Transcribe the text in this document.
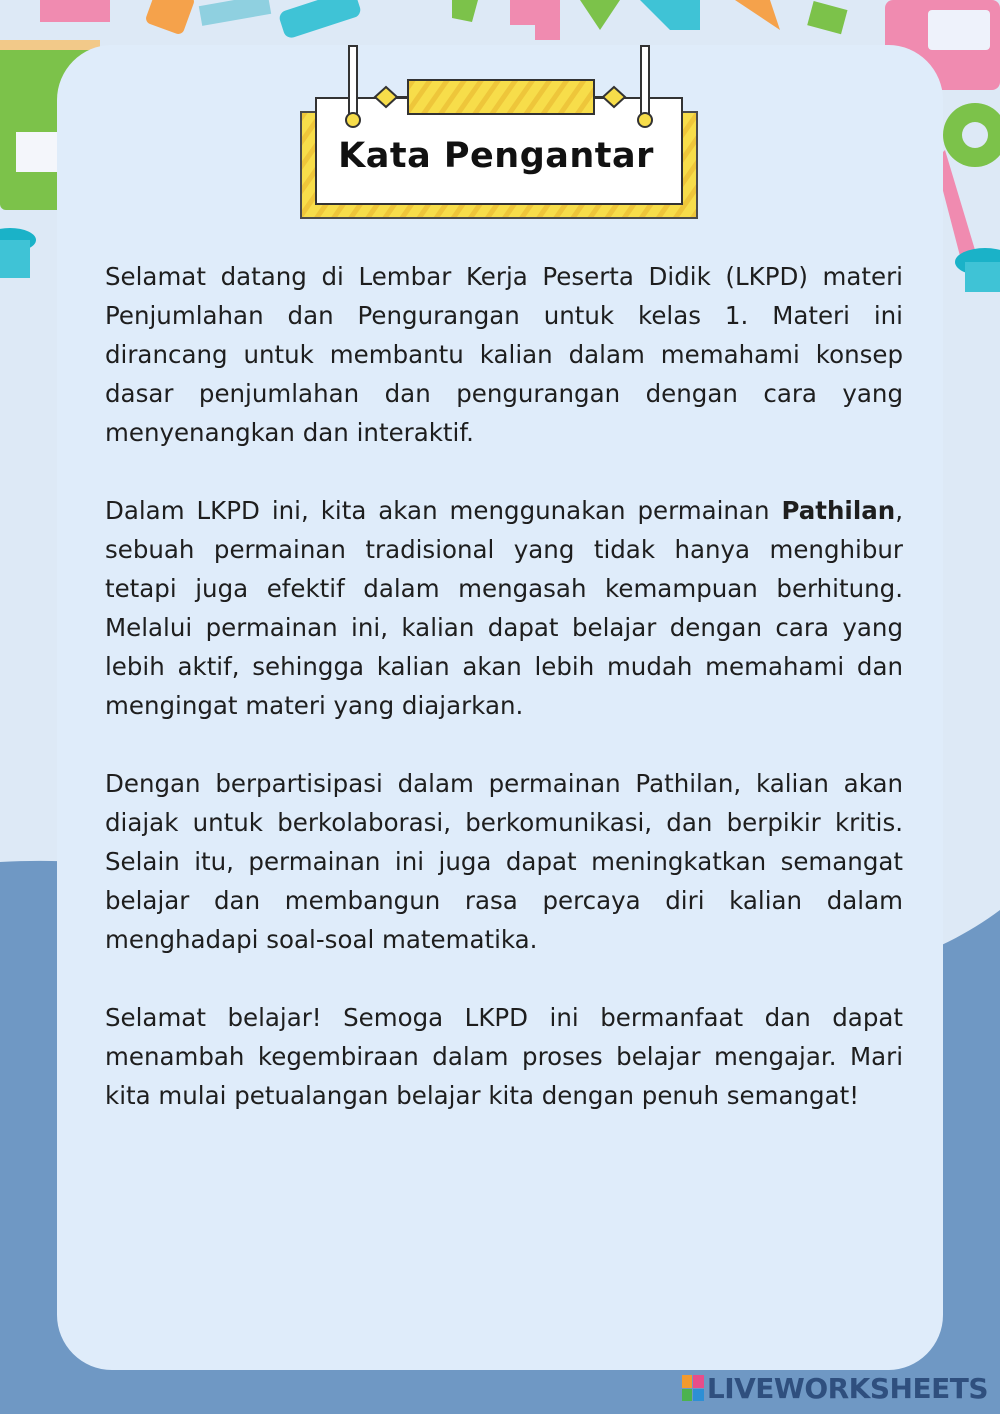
Kata Pengantar

Selamat datang di Lembar Kerja Peserta Didik (LKPD) materi Penjumlahan dan Pengurangan untuk kelas 1. Materi ini dirancang untuk membantu kalian dalam memahami konsep dasar penjumlahan dan pengurangan dengan cara yang menyenangkan dan interaktif.

Dalam LKPD ini, kita akan menggunakan permainan Pathilan, sebuah permainan tradisional yang tidak hanya menghibur tetapi juga efektif dalam mengasah kemampuan berhitung. Melalui permainan ini, kalian dapat belajar dengan cara yang lebih aktif, sehingga kalian akan lebih mudah memahami dan mengingat materi yang diajarkan.

Dengan berpartisipasi dalam permainan Pathilan, kalian akan diajak untuk berkolaborasi, berkomunikasi, dan berpikir kritis. Selain itu, permainan ini juga dapat meningkatkan semangat belajar dan membangun rasa percaya diri kalian dalam menghadapi soal-soal matematika.

Selamat belajar! Semoga LKPD ini bermanfaat dan dapat menambah kegembiraan dalam proses belajar mengajar. Mari kita mulai petualangan belajar kita dengan penuh semangat!

LIVEWORKSHEETS
